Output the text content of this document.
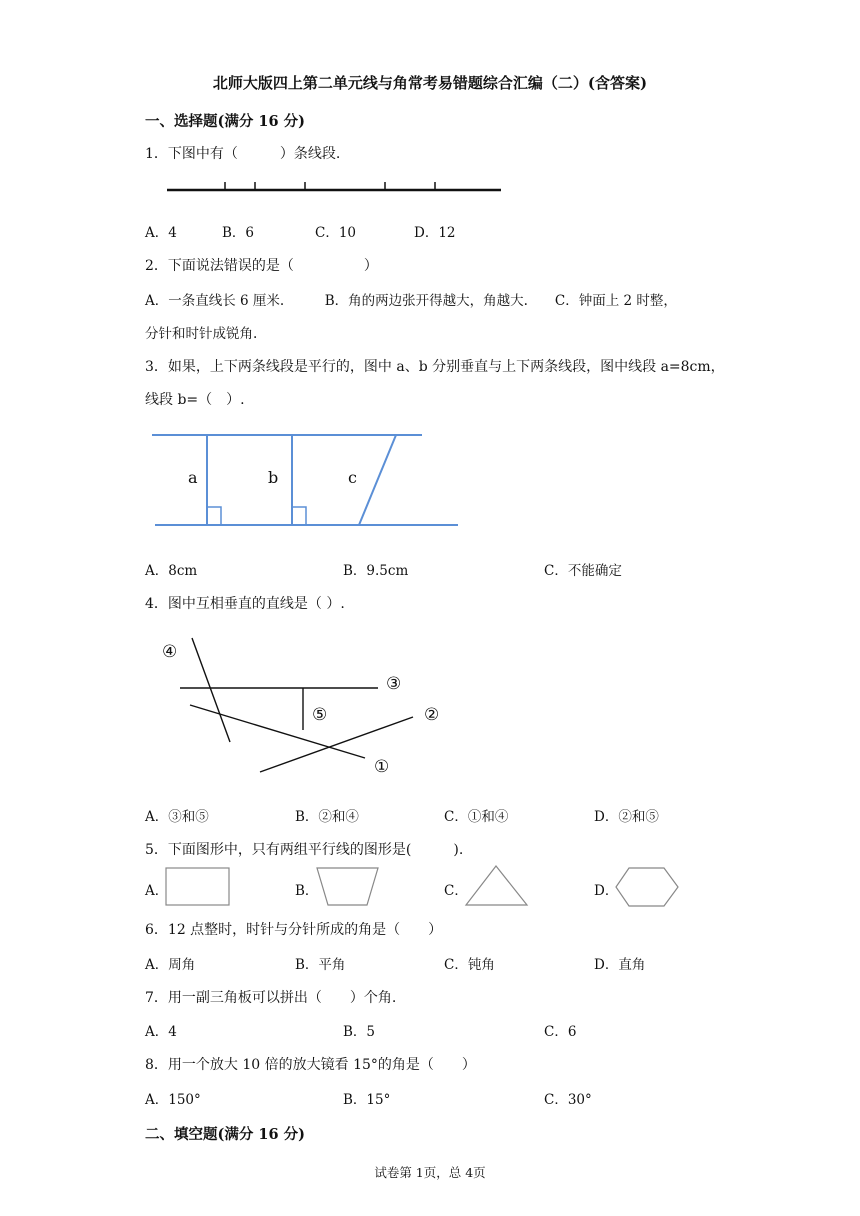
北师大版四上第二单元线与角常考易错题综合汇编（二）(含答案)
一、选择题(满分 16 分)
1．下图中有（　　　）条线段.
A．4	B．6	C．10	D．12
2．下面说法错误的是（　　　　　）
A．一条直线长 6 厘米.　　　B．角的两边张开得越大，角越大.　　C．钟面上 2 时整，
分针和时针成锐角.
3．如果，上下两条线段是平行的，图中 a、b 分别垂直与上下两条线段，图中线段 a=8cm，
线段 b=（　）.
a	b	c
A．8cm	B．9.5cm	C．不能确定
4．图中互相垂直的直线是（ ）.
④
③
⑤	②
①
A．③和⑤	B．②和④	C．①和④	D．②和⑤
5．下面图形中，只有两组平行线的图形是(　　　).
A．	B．	C．	D．
6．12 点整时，时针与分针所成的角是（　　）
A．周角	B．平角	C．钝角	D．直角
7．用一副三角板可以拼出（　　）个角.
A．4	B．5	C．6
8．用一个放大 10 倍的放大镜看 15°的角是（　　）
A．150°	B．15°	C．30°
二、填空题(满分 16 分)
试卷第 1页，总 4页
